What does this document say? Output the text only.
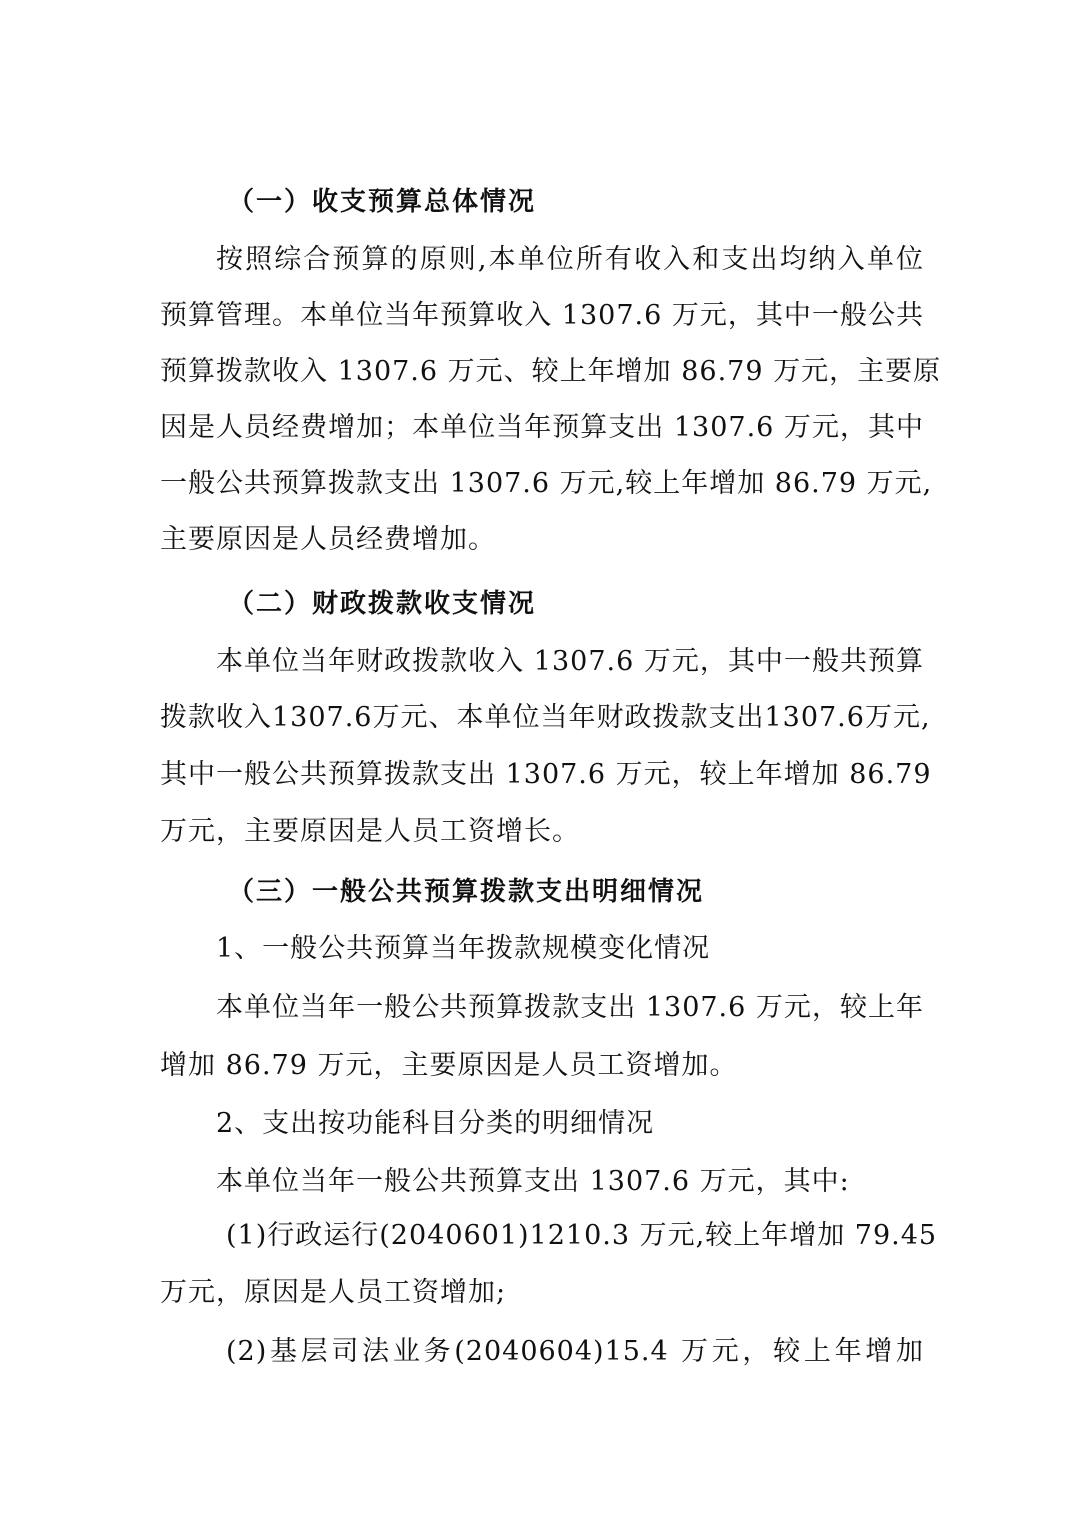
（一）收支预算总体情况
按照综合预算的原则,本单位所有收入和支出均纳入单位
预算管理。本单位当年预算收入 1307.6 万元，其中一般公共
预算拨款收入 1307.6 万元、较上年增加 86.79 万元，主要原
因是人员经费增加；本单位当年预算支出 1307.6 万元，其中
一般公共预算拨款支出 1307.6 万元,较上年增加 86.79 万元,
主要原因是人员经费增加。
（二）财政拨款收支情况
本单位当年财政拨款收入 1307.6 万元，其中一般共预算
拨款收入1307.6万元、本单位当年财政拨款支出1307.6万元,
其中一般公共预算拨款支出 1307.6 万元，较上年增加 86.79
万元，主要原因是人员工资增长。
（三）一般公共预算拨款支出明细情况
1、一般公共预算当年拨款规模变化情况
本单位当年一般公共预算拨款支出 1307.6 万元，较上年
增加 86.79 万元，主要原因是人员工资增加。
2、支出按功能科目分类的明细情况
本单位当年一般公共预算支出 1307.6 万元，其中:
(1)行政运行(2040601)1210.3 万元,较上年增加 79.45
万元，原因是人员工资增加;
(2)基层司法业务(2040604)15.4 万元，较上年增加
